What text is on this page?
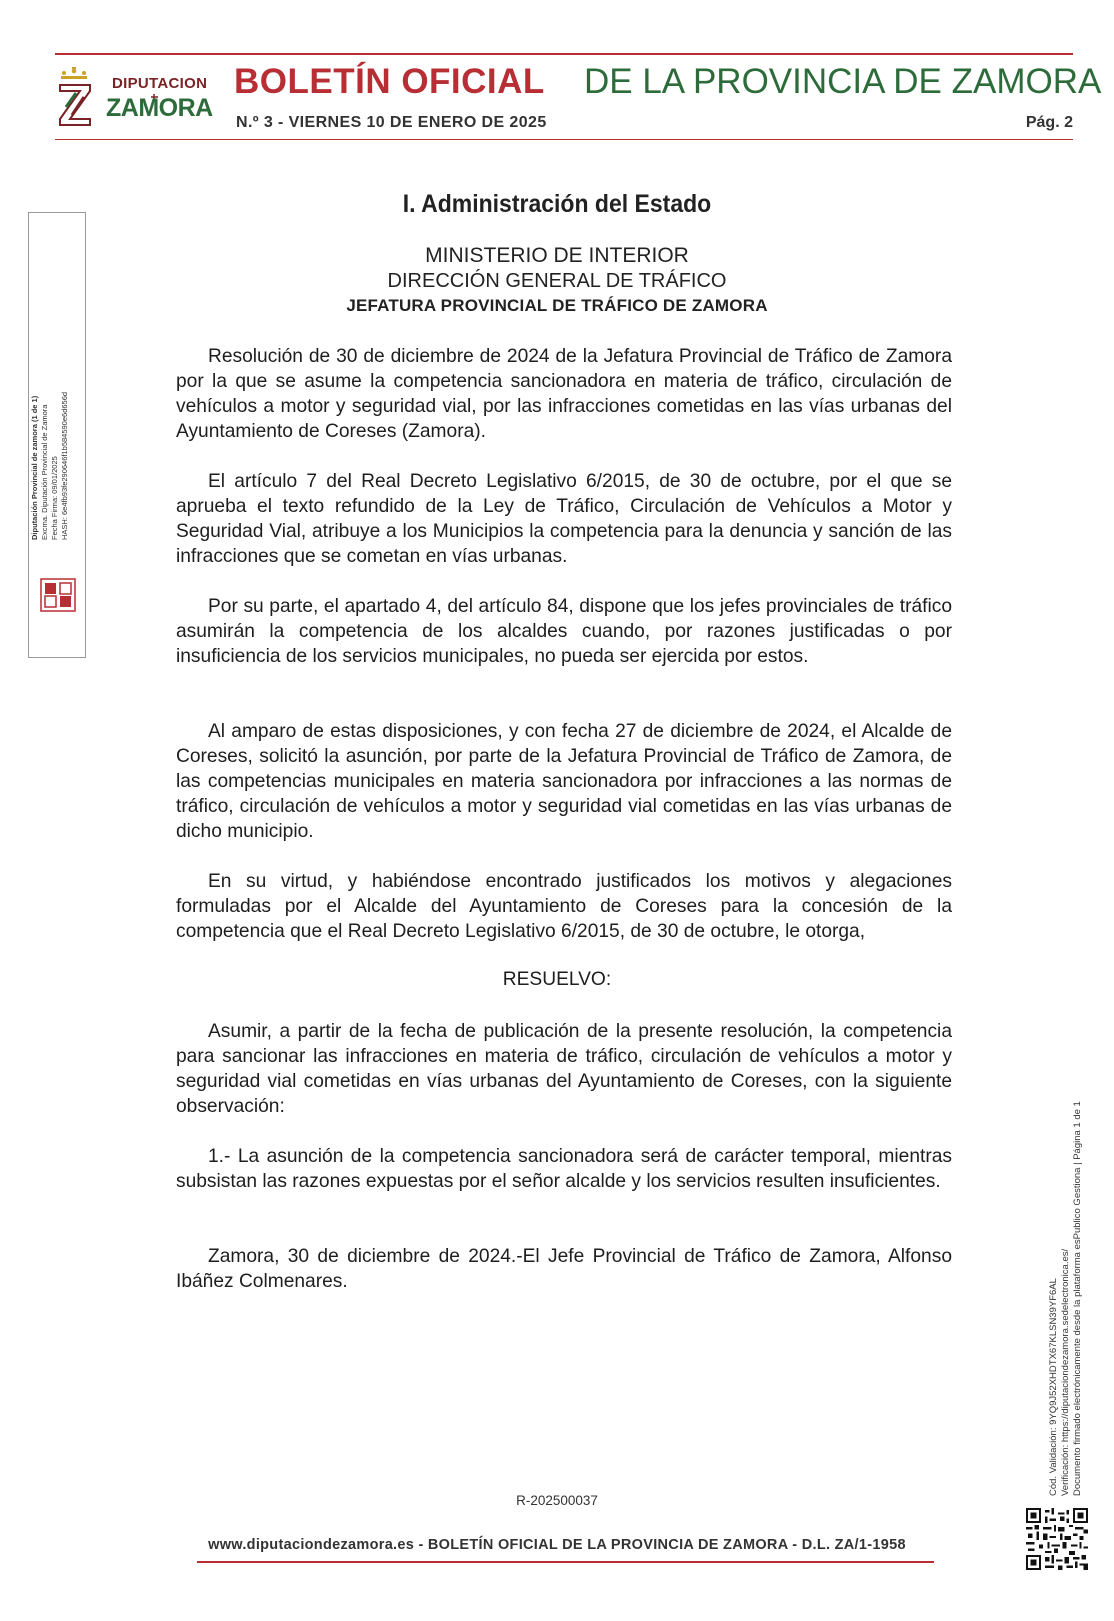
DIPUTACION
ZAMORA
BOLETÍN OFICIAL DE LA PROVINCIA DE ZAMORA
N.º 3 - VIERNES 10 DE ENERO DE 2025	Pág. 2
Diputación Provincial de zamora (1 de 1) Excma. Diputación Provincial de Zamora Fecha Firma: 09/01/2025 HASH: 6e4fb93fe290646f1b584590e6d656d
Cód. Validación: 9YQ9J52XHDTX67KLSN39YF6AL Verificación: https://diputaciondezamora.sedelectronica.es/ Documento firmado electrónicamente desde la plataforma esPublico Gestiona | Página 1 de 1
I. Administración del Estado
MINISTERIO DE INTERIOR
DIRECCIÓN GENERAL DE TRÁFICO
JEFATURA PROVINCIAL DE TRÁFICO DE ZAMORA
Resolución de 30 de diciembre de 2024 de la Jefatura Provincial de Tráfico de Zamora por la que se asume la competencia sancionadora en materia de tráfico, circulación de vehículos a motor y seguridad vial, por las infracciones cometidas en las vías urbanas del Ayuntamiento de Coreses (Zamora).
El artículo 7 del Real Decreto Legislativo 6/2015, de 30 de octubre, por el que se aprueba el texto refundido de la Ley de Tráfico, Circulación de Vehículos a Motor y Seguridad Vial, atribuye a los Municipios la competencia para la denuncia y sanción de las infracciones que se cometan en vías urbanas.
Por su parte, el apartado 4, del artículo 84, dispone que los jefes provinciales de tráfico asumirán la competencia de los alcaldes cuando, por razones justificadas o por insuficiencia de los servicios municipales, no pueda ser ejercida por estos.
Al amparo de estas disposiciones, y con fecha 27 de diciembre de 2024, el Alcalde de Coreses, solicitó la asunción, por parte de la Jefatura Provincial de Tráfico de Zamora, de las competencias municipales en materia sancionadora por infracciones a las normas de tráfico, circulación de vehículos a motor y seguridad vial cometidas en las vías urbanas de dicho municipio.
En su virtud, y habiéndose encontrado justificados los motivos y alegaciones formuladas por el Alcalde del Ayuntamiento de Coreses para la concesión de la competencia que el Real Decreto Legislativo 6/2015, de 30 de octubre, le otorga,
RESUELVO:
Asumir, a partir de la fecha de publicación de la presente resolución, la competencia para sancionar las infracciones en materia de tráfico, circulación de vehículos a motor y seguridad vial cometidas en vías urbanas del Ayuntamiento de Coreses, con la siguiente observación:
1.- La asunción de la competencia sancionadora será de carácter temporal, mientras subsistan las razones expuestas por el señor alcalde y los servicios resulten insuficientes.
Zamora, 30 de diciembre de 2024.-El Jefe Provincial de Tráfico de Zamora, Alfonso Ibáñez Colmenares.
R-202500037
www.diputaciondezamora.es - BOLETÍN OFICIAL DE LA PROVINCIA DE ZAMORA - D.L. ZA/1-1958
